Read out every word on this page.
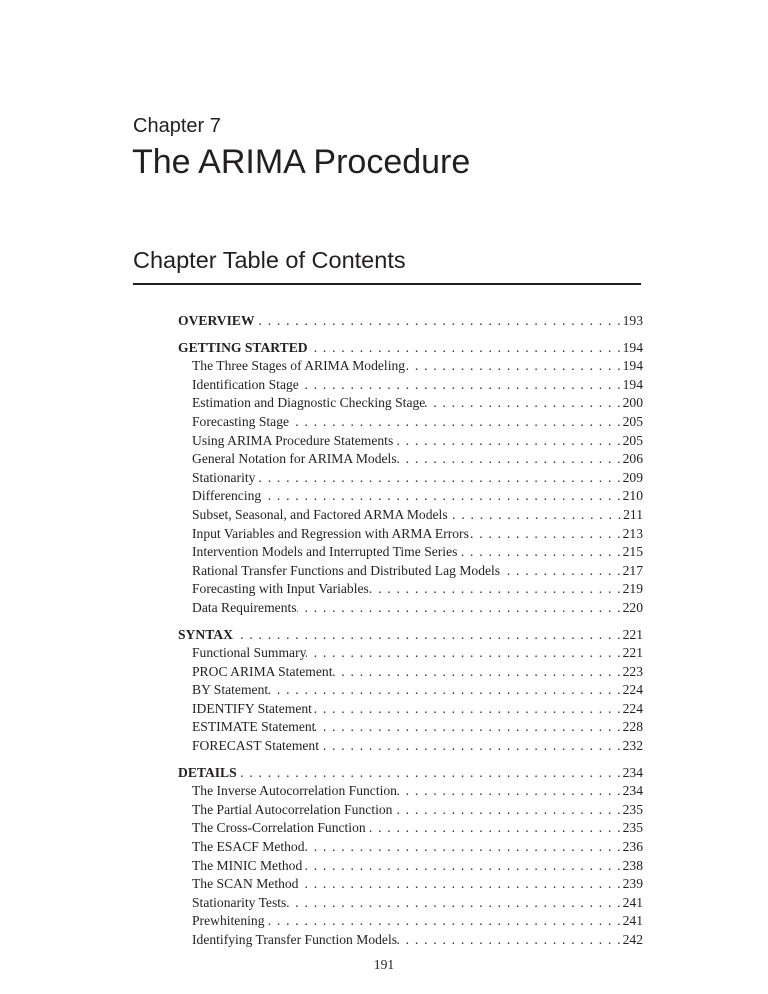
Chapter 7
The ARIMA Procedure
Chapter Table of Contents
OVERVIEW . . .	193
GETTING STARTED . . .	194
The Three Stages of ARIMA Modeling . . .	194
Identification Stage . . .	194
Estimation and Diagnostic Checking Stage . . .	200
Forecasting Stage . . .	205
Using ARIMA Procedure Statements . . .	205
General Notation for ARIMA Models . . .	206
Stationarity . . .	209
Differencing . . .	210
Subset, Seasonal, and Factored ARMA Models . . .	211
Input Variables and Regression with ARMA Errors . . .	213
Intervention Models and Interrupted Time Series . . .	215
Rational Transfer Functions and Distributed Lag Models . . .	217
Forecasting with Input Variables . . .	219
Data Requirements . . .	220
SYNTAX . . .	221
Functional Summary . . .	221
PROC ARIMA Statement . . .	223
BY Statement . . .	224
IDENTIFY Statement . . .	224
ESTIMATE Statement . . .	228
FORECAST Statement . . .	232
DETAILS . . .	234
The Inverse Autocorrelation Function . . .	234
The Partial Autocorrelation Function . . .	235
The Cross-Correlation Function . . .	235
The ESACF Method . . .	236
The MINIC Method . . .	238
The SCAN Method . . .	239
Stationarity Tests . . .	241
Prewhitening . . .	241
Identifying Transfer Function Models . . .	242
191
